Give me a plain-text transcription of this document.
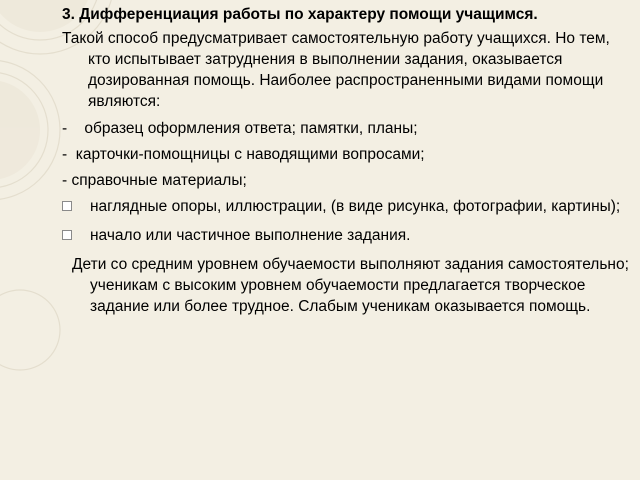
3. Дифференциация работы по характеру помощи учащимся.
Такой способ предусматривает самостоятельную работу учащихся. Но тем, кто испытывает затруднения в выполнении задания, оказывается дозированная помощь. Наиболее распространенными видами помощи являются:
-    образец оформления ответа; памятки, планы;
-  карточки-помощницы с наводящими вопросами;
- справочные материалы;
наглядные опоры, иллюстрации, (в виде рисунка, фотографии, картины);
начало или частичное выполнение задания.
Дети со средним уровнем обучаемости выполняют задания самостоятельно; ученикам с высоким уровнем обучаемости предлагается творческое задание или более трудное. Слабым ученикам оказывается помощь.
